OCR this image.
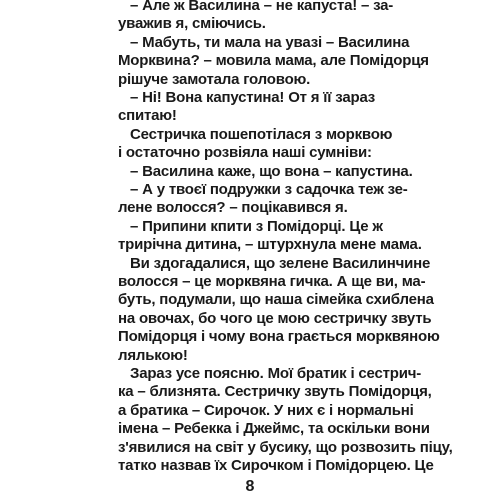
– Але ж Василина – не капуста! – за-
уважив я, сміючись.
– Мабуть, ти мала на увазі – Василина
Морквина? – мовила мама, але Помідорця
рішуче замотала головою.
– Ні! Вона капустина! От я її зараз
спитаю!
Сестричка пошепотілася з морквою
і остаточно розвіяла наші сумніви:
– Василина каже, що вона – капустина.
– А у твоєї подружки з садочка теж зе-
лене волосся? – поцікавився я.
– Припини кпити з Помідорці. Це ж
трирічна дитина, – штурхнула мене мама.
Ви здогадалися, що зелене Василинчине
волосся – це морквяна гичка. А ще ви, ма-
буть, подумали, що наша сімейка схиблена
на овочах, бо чого це мою сестричку звуть
Помідорця і чому вона грається морквяною
лялькою!
Зараз усе поясню. Мої братик і сестрич-
ка – близнята. Сестричку звуть Помідорця,
а братика – Сирочок. У них є і нормальні
імена – Ребекка і Джеймс, та оскільки вони
з'явилися на світ у бусику, що розвозить піцу,
татко назвав їх Сирочком і Помідорцею. Це
8
